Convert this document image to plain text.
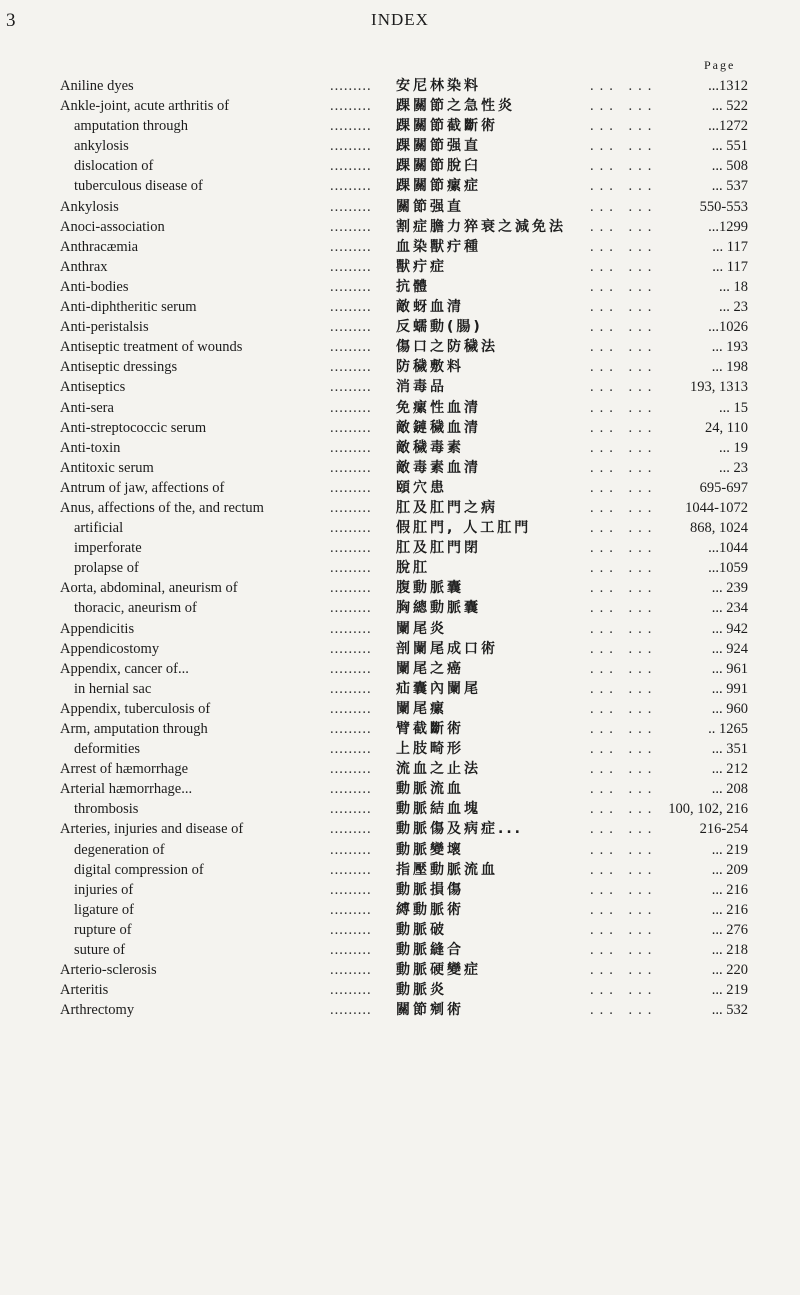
3	INDEX
Page
Aniline dyes	.........	安尼林染料	... ...	...1312
Ankle-joint, acute arthritis of	.........	踝關節之急性炎	... ...	... 522
amputation through	.........	踝關節截斷術	... ...	...1272
ankylosis	.........	踝關節强直	... ...	... 551
dislocation of	.........	踝關節脫臼	... ...	... 508
tuberculous disease of	.........	踝關節瘰症	... ...	... 537
Ankylosis	.........	關節强直	... ...	550-553
Anoci-association	.........	割症膽力猝衰之減免法 ... ...	...1299
Anthracæmia	.........	血染獸疔種	... ...	... 117
Anthrax	.........	獸疔症	... ...	... 117
Anti-bodies	.........	抗體	... ...	... 18
Anti-diphtheritic serum	.........	敵蚜血清	... ...	... 23
Anti-peristalsis	.........	反蠕動(腸)	... ...	...1026
Antiseptic treatment of wounds	.........	傷口之防穢法	... ...	... 193
Antiseptic dressings	.........	防穢敷料	... ...	... 198
Antiseptics	.........	消毒品	... ...	193, 1313
Anti-sera	.........	免瘰性血清	... ...	... 15
Anti-streptococcic serum	.........	敵鏈穢血清	... ...	24, 110
Anti-toxin	.........	敵穢毒素	... ...	... 19
Antitoxic serum	.........	敵毒素血清	... ...	... 23
Antrum of jaw, affections of	.........	頤穴患	... ...	695-697
Anus, affections of the, and rectum	.........	肛及肛門之病	... ...	1044-1072
artificial	.........	假肛門, 人工肛門	... ...	868, 1024
imperforate	.........	肛及肛門閉	... ...	...1044
prolapse of	.........	脫肛	... ...	...1059
Aorta, abdominal, aneurism of	.........	腹動脈囊	... ...	... 239
thoracic, aneurism of	.........	胸總動脈囊	... ...	... 234
Appendicitis	.........	闌尾炎	... ...	... 942
Appendicostomy	.........	剖闌尾成口術	... ...	... 924
Appendix, cancer of...	.........	闌尾之癌	... ...	... 961
in hernial sac	.........	疝囊內闌尾	... ...	... 991
Appendix, tuberculosis of	.........	闌尾瘰	... ...	... 960
Arm, amputation through	.........	臂截斷術	... ...	.. 1265
deformities	.........	上肢畸形	... ...	... 351
Arrest of hæmorrhage	.........	流血之止法	... ...	... 212
Arterial hæmorrhage...	.........	動脈流血	... ...	... 208
thrombosis	.........	動脈結血塊	... ... 100, 102, 216
Arteries, injuries and disease of	.........	動脈傷及病症...	... ...	216-254
degeneration of	.........	動脈變壞	... ...	... 219
digital compression of	.........	指壓動脈流血	... ...	... 209
injuries of	.........	動脈損傷	... ...	... 216
ligature of	.........	縛動脈術	... ...	... 216
rupture of	.........	動脈破	... ...	... 276
suture of	.........	動脈縫合	... ...	... 218
Arterio-sclerosis	.........	動脈硬變症	... ...	... 220
Arteritis	.........	動脈炎	... ...	... 219
Arthrectomy	.........	關節剜術	... ...	... 532
